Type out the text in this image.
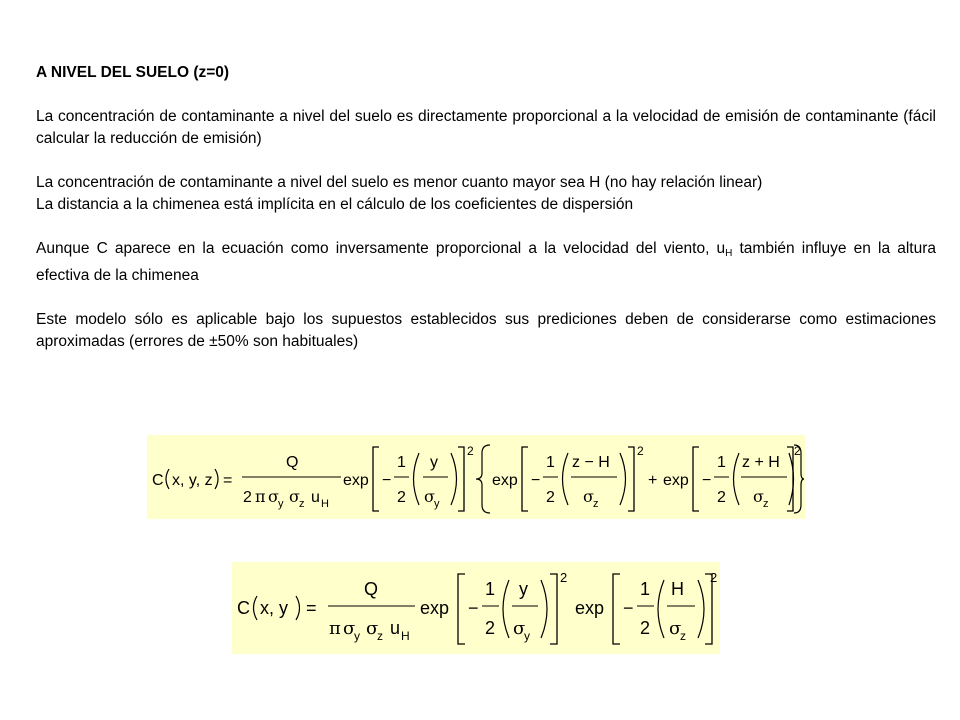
A NIVEL DEL SUELO (z=0)

La concentración de contaminante a nivel del suelo es directamente proporcional a la velocidad de emisión de contaminante (fácil calcular la reducción de emisión)

La concentración de contaminante a nivel del suelo es menor cuanto mayor sea H (no hay relación linear)
La distancia a la chimenea está implícita en el cálculo de los coeficientes de dispersión

Aunque C aparece en la ecuación como inversamente proporcional a la velocidad del viento, $u_H$ también influye en la altura efectiva de la chimenea

Este modelo sólo es aplicable bajo los supuestos establecidos sus prediciones deben de considerarse como estimaciones aproximadas (errores de ±50% son habituales)

C x, y, z =
Q
2 π σ y σ z u H
exp −
1
2
y
σ y
2
exp −
1
2
z − H
σ z
2
+ exp −
1
2
z + H
σ z
2
C x, y =
Q
π σ
y σ
z u H
exp −
1
2
y
σ
y
2
exp −
1
2
H
σ
z
2
